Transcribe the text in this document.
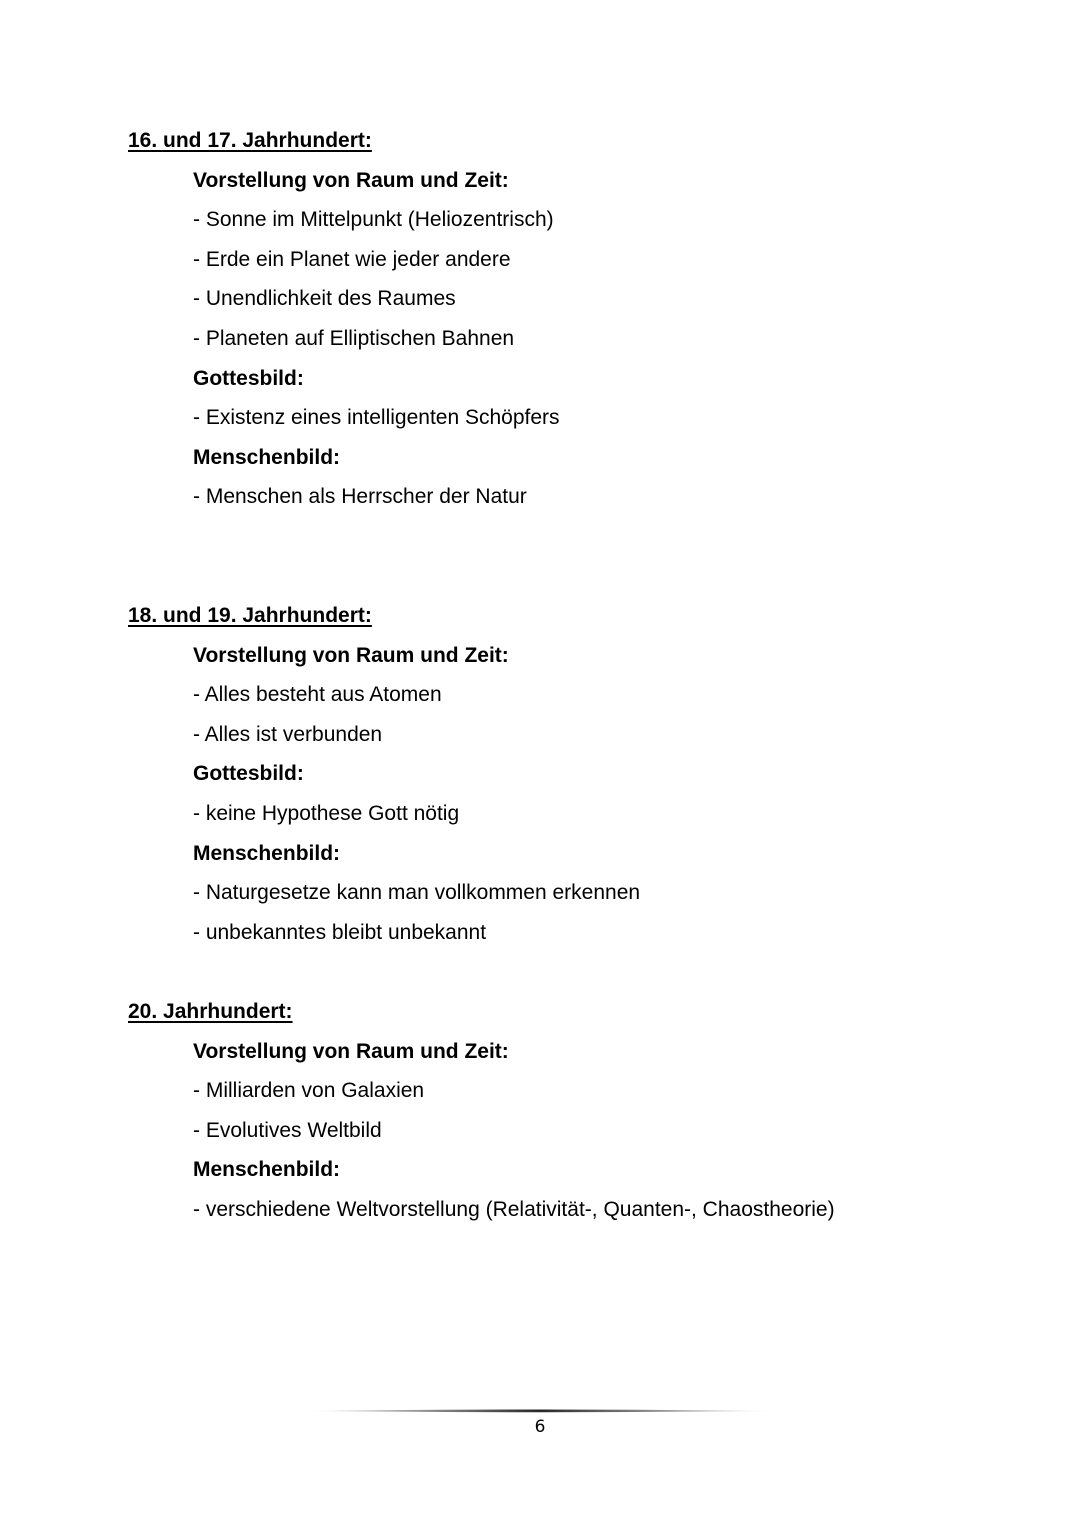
16. und 17. Jahrhundert:
Vorstellung von Raum und Zeit:
- Sonne im Mittelpunkt (Heliozentrisch)
- Erde ein Planet wie jeder andere
- Unendlichkeit des Raumes
- Planeten auf Elliptischen Bahnen
Gottesbild:
- Existenz eines intelligenten Schöpfers
Menschenbild:
- Menschen als Herrscher der Natur
18. und 19. Jahrhundert:
Vorstellung von Raum und Zeit:
- Alles besteht aus Atomen
- Alles ist verbunden
Gottesbild:
- keine Hypothese Gott nötig
Menschenbild:
- Naturgesetze kann man vollkommen erkennen
- unbekanntes bleibt unbekannt
20. Jahrhundert:
Vorstellung von Raum und Zeit:
- Milliarden von Galaxien
- Evolutives Weltbild
Menschenbild:
- verschiedene Weltvorstellung (Relativität-, Quanten-, Chaostheorie)
6
